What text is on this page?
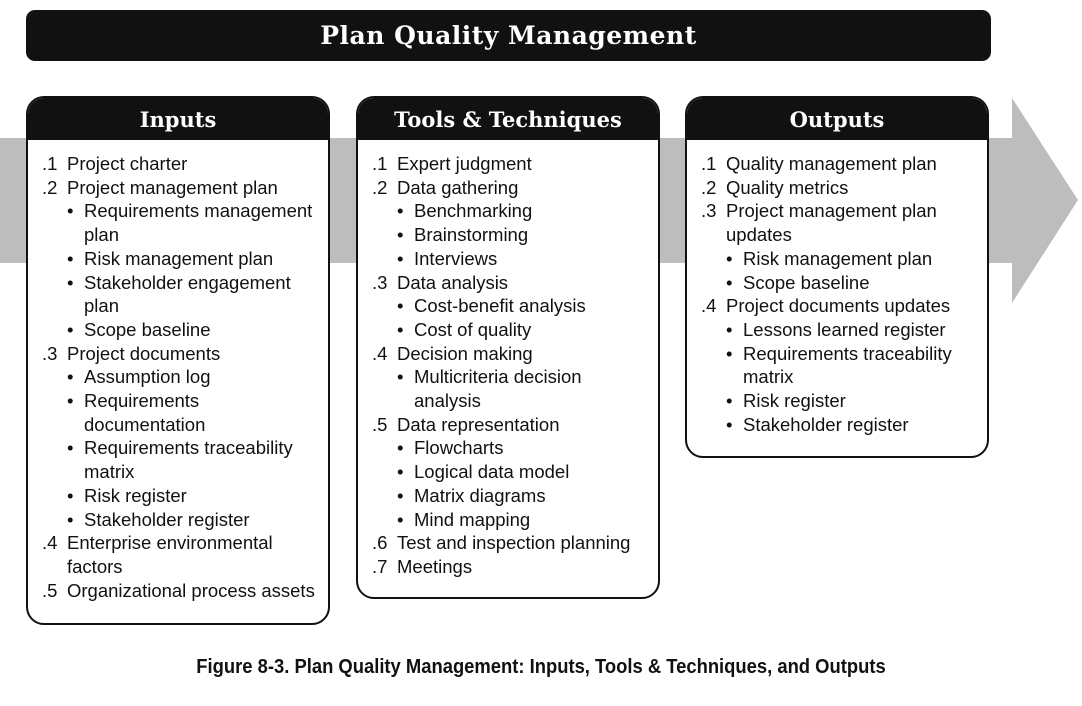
Plan Quality Management
Inputs
.1 Project charter
.2 Project management plan
• Requirements management plan
• Risk management plan
• Stakeholder engagement plan
• Scope baseline
.3 Project documents
• Assumption log
• Requirements documentation
• Requirements traceability matrix
• Risk register
• Stakeholder register
.4 Enterprise environmental factors
.5 Organizational process assets
Tools & Techniques
.1 Expert judgment
.2 Data gathering
• Benchmarking
• Brainstorming
• Interviews
.3 Data analysis
• Cost-benefit analysis
• Cost of quality
.4 Decision making
• Multicriteria decision analysis
.5 Data representation
• Flowcharts
• Logical data model
• Matrix diagrams
• Mind mapping
.6 Test and inspection planning
.7 Meetings
Outputs
.1 Quality management plan
.2 Quality metrics
.3 Project management plan updates
• Risk management plan
• Scope baseline
.4 Project documents updates
• Lessons learned register
• Requirements traceability matrix
• Risk register
• Stakeholder register
Figure 8-3. Plan Quality Management: Inputs, Tools & Techniques, and Outputs
